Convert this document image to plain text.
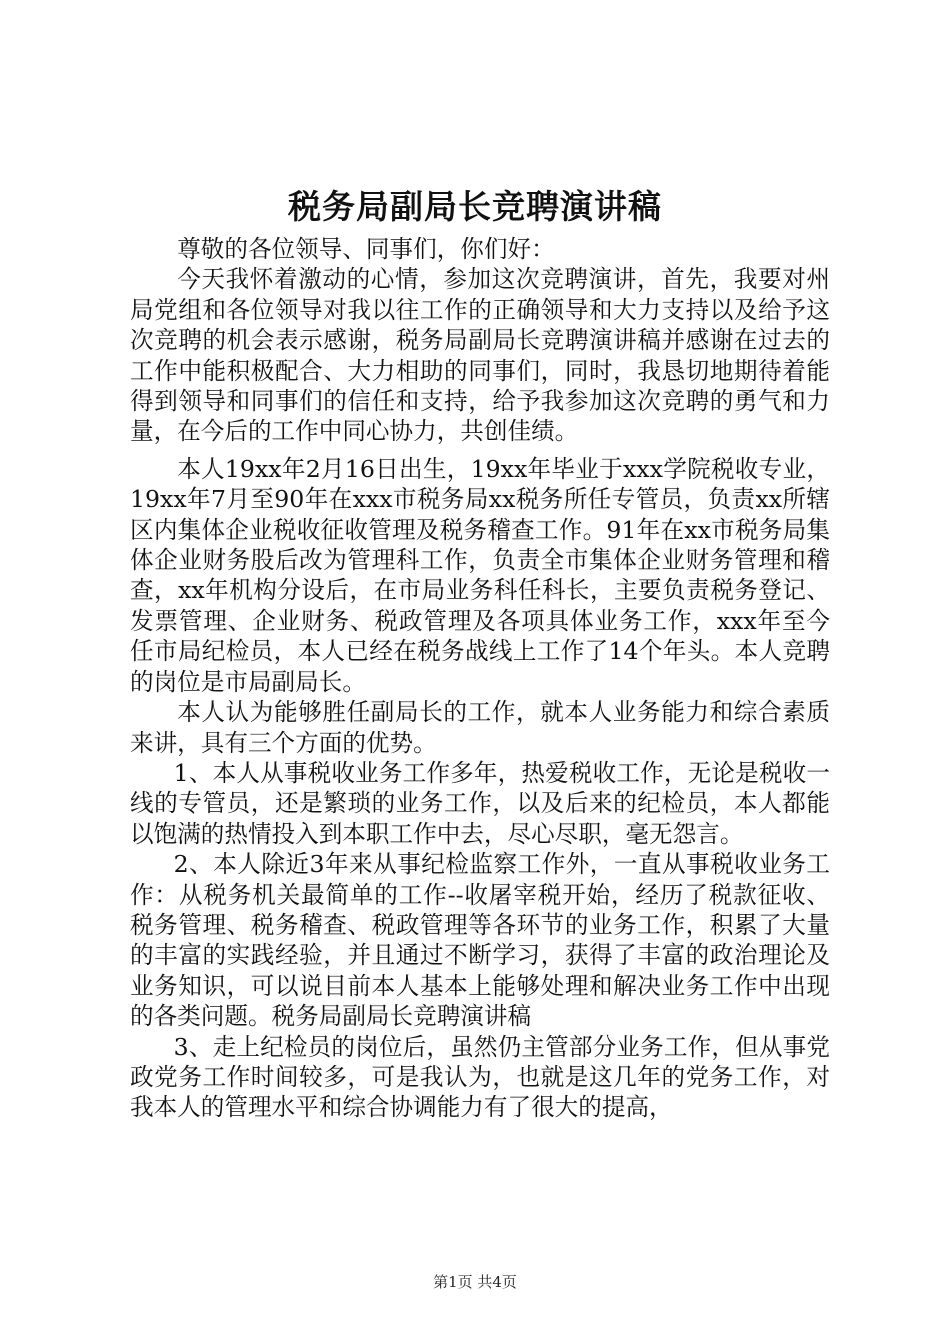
税务局副局长竞聘演讲稿

尊敬的各位领导、同事们，你们好：

今天我怀着激动的心情，参加这次竞聘演讲，首先，我要对州局党组和各位领导对我以往工作的正确领导和大力支持以及给予这次竞聘的机会表示感谢，税务局副局长竞聘演讲稿并感谢在过去的工作中能积极配合、大力相助的同事们，同时，我恳切地期待着能得到领导和同事们的信任和支持，给予我参加这次竞聘的勇气和力量，在今后的工作中同心协力，共创佳绩。

本人19xx年2月16日出生，19xx年毕业于xxx学院税收专业，19xx年7月至90年在xxx市税务局xx税务所任专管员，负责xx所辖区内集体企业税收征收管理及税务稽查工作。91年在xx市税务局集体企业财务股后改为管理科工作，负责全市集体企业财务管理和稽查，xx年机构分设后，在市局业务科任科长，主要负责税务登记、发票管理、企业财务、税政管理及各项具体业务工作，xxx年至今任市局纪检员，本人已经在税务战线上工作了14个年头。本人竞聘的岗位是市局副局长。

本人认为能够胜任副局长的工作，就本人业务能力和综合素质来讲，具有三个方面的优势。

1、本人从事税收业务工作多年，热爱税收工作，无论是税收一线的专管员，还是繁琐的业务工作，以及后来的纪检员，本人都能以饱满的热情投入到本职工作中去，尽心尽职，毫无怨言。

2、本人除近3年来从事纪检监察工作外，一直从事税收业务工作：从税务机关最简单的工作--收屠宰税开始，经历了税款征收、税务管理、税务稽查、税政管理等各环节的业务工作，积累了大量的丰富的实践经验，并且通过不断学习，获得了丰富的政治理论及业务知识，可以说目前本人基本上能够处理和解决业务工作中出现的各类问题。税务局副局长竞聘演讲稿

3、走上纪检员的岗位后，虽然仍主管部分业务工作，但从事党政党务工作时间较多，可是我认为，也就是这几年的党务工作，对我本人的管理水平和综合协调能力有了很大的提高，

第1页 共4页
